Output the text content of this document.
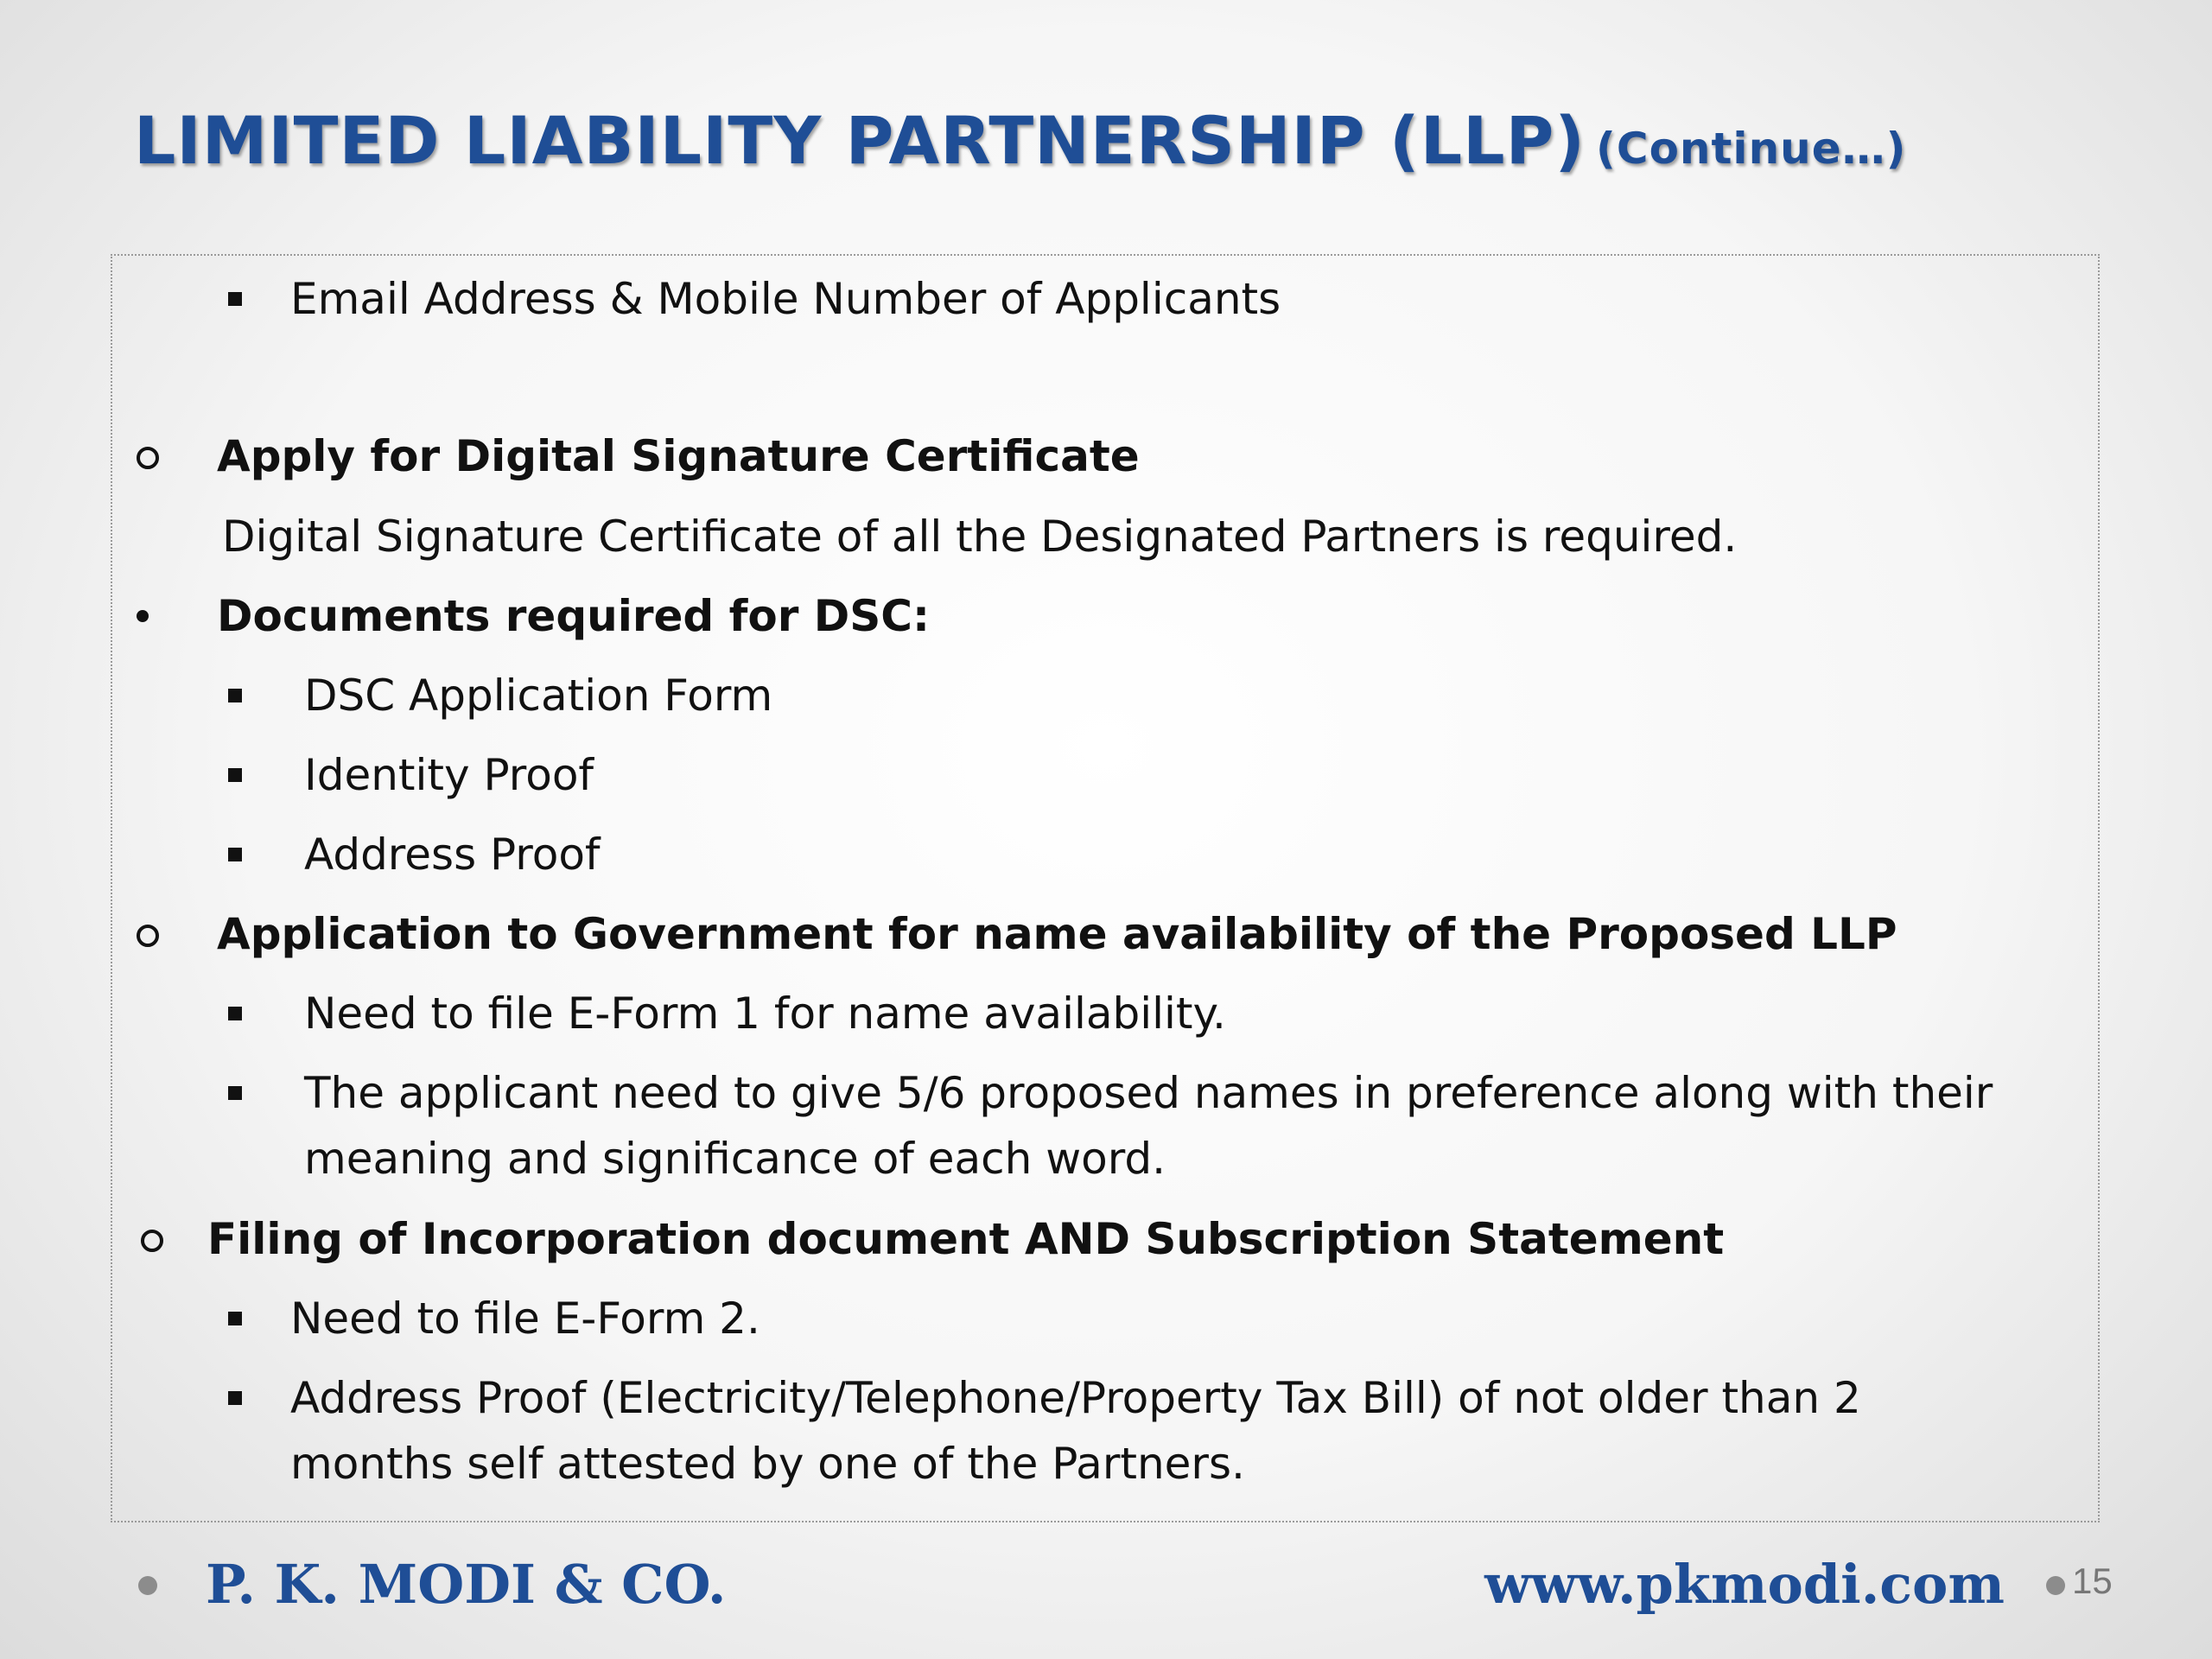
LIMITED LIABILITY PARTNERSHIP (LLP) (Continue…)
Email Address & Mobile Number of Applicants
Apply for Digital Signature Certificate
Digital Signature Certificate of all the Designated Partners is required.
Documents required for DSC:
DSC Application Form
Identity Proof
Address Proof
Application to Government for name availability of the Proposed LLP
Need to file E-Form 1 for name availability.
The applicant need to give 5/6 proposed names in preference along with their meaning and significance of each word.
Filing of Incorporation document AND Subscription Statement
Need to file E-Form 2.
Address Proof (Electricity/Telephone/Property Tax Bill) of not older than 2 months self attested by one of the Partners.
P. K. MODI & CO.	www.pkmodi.com 15
